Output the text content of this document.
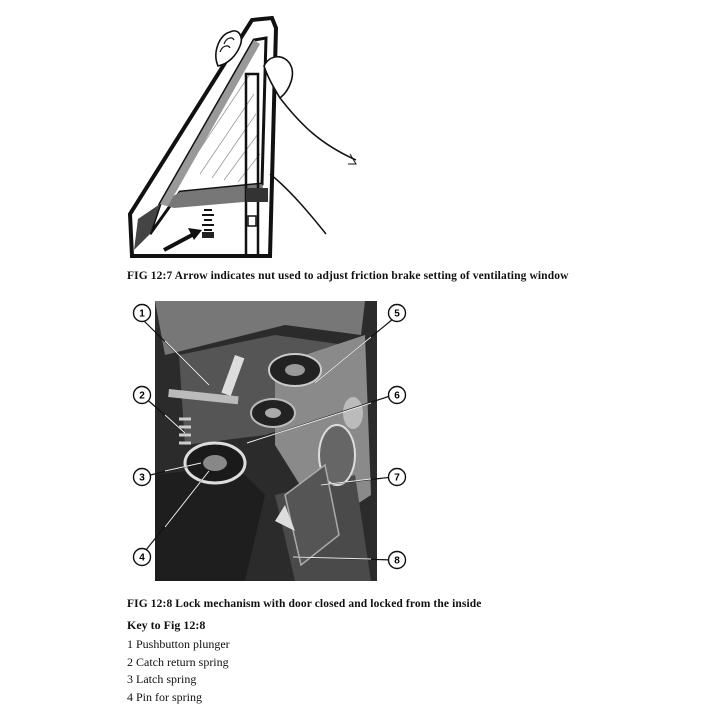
1
2
3
4
5
6
7
8
FIG 12:7 Arrow indicates nut used to adjust friction brake setting of ventilating window
FIG 12:8 Lock mechanism with door closed and locked from the inside
Key to Fig 12:8
1 Pushbutton plunger
2 Catch return spring
3 Latch spring
4 Pin for spring
